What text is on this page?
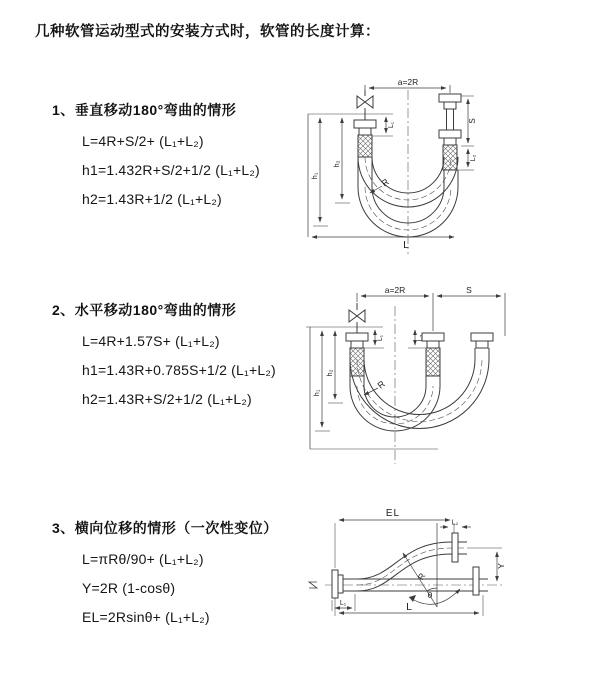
几种软管运动型式的安装方式时，软管的长度计算：
1、垂直移动180°弯曲的情形
L=4R+S/2+ (L₁+L₂)
h1=1.432R+S/2+1/2 (L₁+L₂)
h2=1.43R+1/2 (L₁+L₂)
2、水平移动180°弯曲的情形
L=4R+1.57S+ (L₁+L₂)
h1=1.43R+0.785S+1/2 (L₁+L₂)
h2=1.43R+S/2+1/2 (L₁+L₂)
3、横向位移的情形（一次性变位）
L=πRθ/90+ (L₁+L₂)
Y=2R (1-cosθ)
EL=2Rsinθ+ (L₁+L₂)
a=2R
h₁
h₂
L₁
S
L₂
R
L
a=2R	S
h₁
h₂
L₁	L₂
R
EL
L₂
Y
L
L₁
R
θ
